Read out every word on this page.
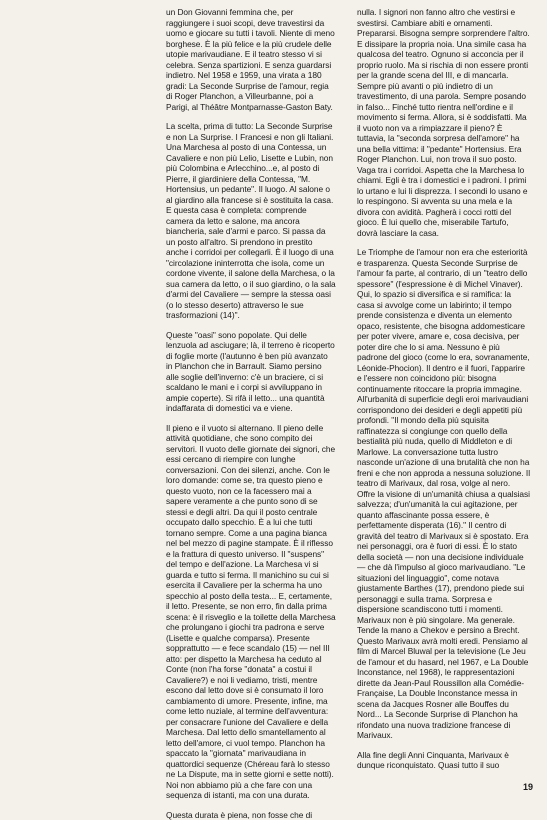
un Don Giovanni femmina che, per raggiungere i suoi scopi, deve travestirsi da uomo e giocare su tutti i tavoli. Niente di meno borghese. È la più felice e la più crudele delle utopie marivaudiane. E il teatro stesso vi si celebra. Senza spartizioni. E senza guardarsi indietro. Nel 1958 e 1959, una virata a 180 gradi: La Seconde Surprise de l'amour, regia di Roger Planchon, a Villeurbanne, poi a Parigi, al Théâtre Montparnasse-Gaston Baty.

La scelta, prima di tutto: La Seconde Surprise e non La Surprise. I Francesi e non gli Italiani. Una Marchesa al posto di una Contessa, un Cavaliere e non più Lelio, Lisette e Lubin, non più Colombina e Arlecchino...e, al posto di Pierre, il giardiniere della Contessa, "M. Hortensius, un pedante". Il luogo. Al salone o al giardino alla francese si è sostituita la casa. E questa casa è completa: comprende camera da letto e salone, ma ancora biancheria, sale d'armi e parco. Si passa da un posto all'altro. Si prendono in prestito anche i corridoi per collegarli. È il luogo di una "circolazione ininterrotta che isola, come un cordone vivente, il salone della Marchesa, o la sua camera da letto, o il suo giardino, o la sala d'armi del Cavaliere — sempre la stessa oasi (o lo stesso deserto) attraverso le sue trasformazioni (14)".

Queste "oasi" sono popolate. Qui delle lenzuola ad asciugare; là, il terreno è ricoperto di foglie morte (l'autunno è ben più avanzato in Planchon che in Barrault. Siamo persino alle soglie dell'inverno: c'è un braciere, ci si scaldano le mani e i corpi si avviluppano in ampie coperte). Si rifà il letto... una quantità indaffarata di domestici va e viene.

Il pieno e il vuoto si alternano. Il pieno delle attività quotidiane, che sono compito dei servitori. Il vuoto delle giornate dei signori, che essi cercano di riempire con lunghe conversazioni. Con dei silenzi, anche. Con le loro domande: come se, tra questo pieno e questo vuoto, non ce la facessero mai a sapere veramente a che punto sono di se stessi e degli altri. Da qui il posto centrale occupato dallo specchio. È a lui che tutti tornano sempre. Come a una pagina bianca nel bel mezzo di pagine stampate. È il riflesso e la frattura di questo universo. Il "suspens" del tempo e dell'azione. La Marchesa vi si guarda e tutto si ferma. Il manichino su cui si esercita il Cavaliere per la scherma ha uno specchio al posto della testa... E, certamente, il letto. Presente, se non erro, fin dalla prima scena: è il risveglio e la toilette della Marchesa che prolungano i giochi tra padrona e serve (Lisette e qualche comparsa). Presente sopprattutto — e fece scandalo (15) — nel III atto: per dispetto la Marchesa ha ceduto al Conte (non l'ha forse "donata" a costui il Cavaliere?) e noi li vediamo, tristi, mentre escono dal letto dove si è consumato il loro cambiamento di umore. Presente, infine, ma come letto nuziale, al termine dell'avventura: per consacrare l'unione del Cavaliere e della Marchesa. Dal letto dello smantellamento al letto dell'amore, ci vuol tempo. Planchon ha spaccato la "giornata" marivaudiana in quattordici sequenze (Chéreau farà lo stesso ne La Dispute, ma in sette giorni e sette notti). Noi non abbiamo più a che fare con una sequenza di istanti, ma con una durata.

Questa durata è piena, non fosse che di

nulla. I signori non fanno altro che vestirsi e svestirsi. Cambiare abiti e ornamenti. Prepararsi. Bisogna sempre sorprendere l'altro. E dissipare la propria noia. Una simile casa ha qualcosa del teatro. Ognuno si acconcia per il proprio ruolo. Ma si rischia di non essere pronti per la grande scena del III, e di mancarla. Sempre più avanti o più indietro di un travestimento, di una parola. Sempre posando in falso... Finché tutto rientra nell'ordine e il movimento si ferma. Allora, si è soddisfatti. Ma il vuoto non va a rimpiazzare il pieno? È tuttavia, la "seconda sorpresa dell'amore" ha una bella vittima: il "pedante" Hortensius. Era Roger Planchon. Lui, non trova il suo posto. Vaga tra i corridoi. Aspetta che la Marchesa lo chiami. Egli è tra i domestici e i padroni. I primi lo urtano e lui li disprezza. I secondi lo usano e lo respingono. Si avventa su una mela e la divora con avidità. Pagherà i cocci rotti del gioco. È lui quello che, miserabile Tartufo, dovrà lasciare la casa.

Le Triomphe de l'amour non era che esteriorità e trasparenza. Questa Seconde Surprise de l'amour fa parte, al contrario, di un "teatro dello spessore" (l'espressione è di Michel Vinaver). Qui, lo spazio si diversifica e si ramifica: la casa si avvolge come un labirinto; il tempo prende consistenza e diventa un elemento opaco, resistente, che bisogna addomesticare per poter vivere, amare e, cosa decisiva, per poter dire che lo si ama. Nessuno è più padrone del gioco (come lo era, sovranamente, Léonide-Phocion). Il dentro e il fuori, l'apparire e l'essere non coincidono più: bisogna continuamente ritoccare la propria immagine. All'urbanità di superficie degli eroi marivaudiani corrispondono dei desideri e degli appetiti più profondi. "Il mondo della più squisita raffinatezza si congiunge con quello della bestialità più nuda, quello di Middleton e di Marlowe. La conversazione tutta lustro nasconde un'azione di una brutalità che non ha freni e che non approda a nessuna soluzione. Il teatro di Marivaux, dal rosa, volge al nero. Offre la visione di un'umanità chiusa a qualsiasi salvezza; d'un'umanità la cui agitazione, per quanto affascinante possa essere, è perfettamente disperata (16)." Il centro di gravità del teatro di Marivaux si è spostato. Era nei personaggi, ora è fuori di essi. È lo stato della società — non una decisione individuale — che dà l'impulso al gioco marivaudiano. "Le situazioni del linguaggio", come notava giustamente Barthes (17), prendono piede sui personaggi e sulla trama. Sorpresa e dispersione scandiscono tutti i momenti. Marivaux non è più singolare. Ma generale. Tende la mano a Chekov e persino a Brecht. Questo Marivaux avrà molti eredi. Pensiamo al film di Marcel Bluwal per la televisione (Le Jeu de l'amour et du hasard, nel 1967, e La Double Inconstance, nel 1968), le rappresentazioni dirette da Jean-Paul Roussillon alla Comédie-Française, La Double Inconstance messa in scena da Jacques Rosner alle Bouffes du Nord... La Seconde Surprise di Planchon ha rifondato una nuova tradizione francese di Marivaux.

Alla fine degli Anni Cinquanta, Marivaux è dunque riconquistato. Quasi tutto il suo

19
